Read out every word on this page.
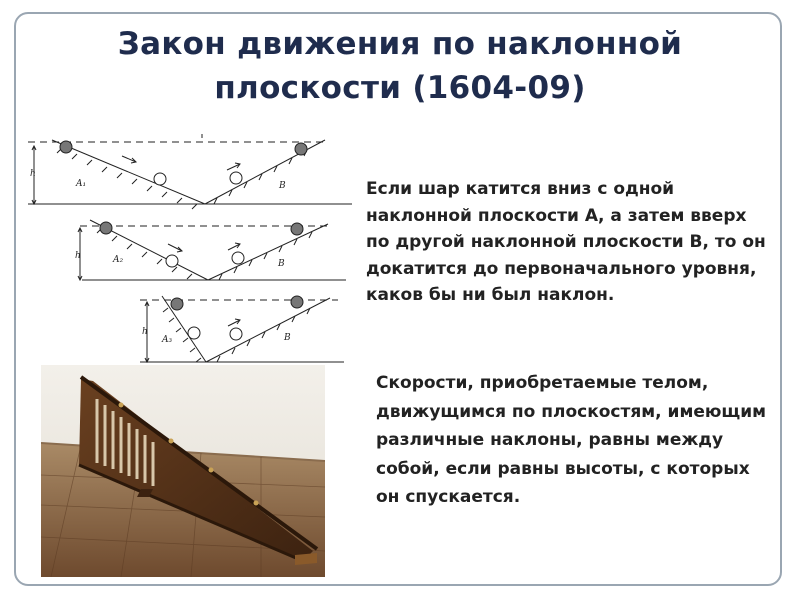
Закон движения по наклонной
плоскости (1604-09)
h
A₁	B
h	A₂	B
h
A₃	B
Если шар катится вниз с одной наклонной плоскости А, а затем вверх по другой наклонной плоскости В, то он докатится до первоначального уровня, каков бы ни был наклон.
Скорости, приобретаемые телом, движущимся по плоскостям, имеющим различные наклоны, равны между собой, если равны высоты, с которых он спускается.
